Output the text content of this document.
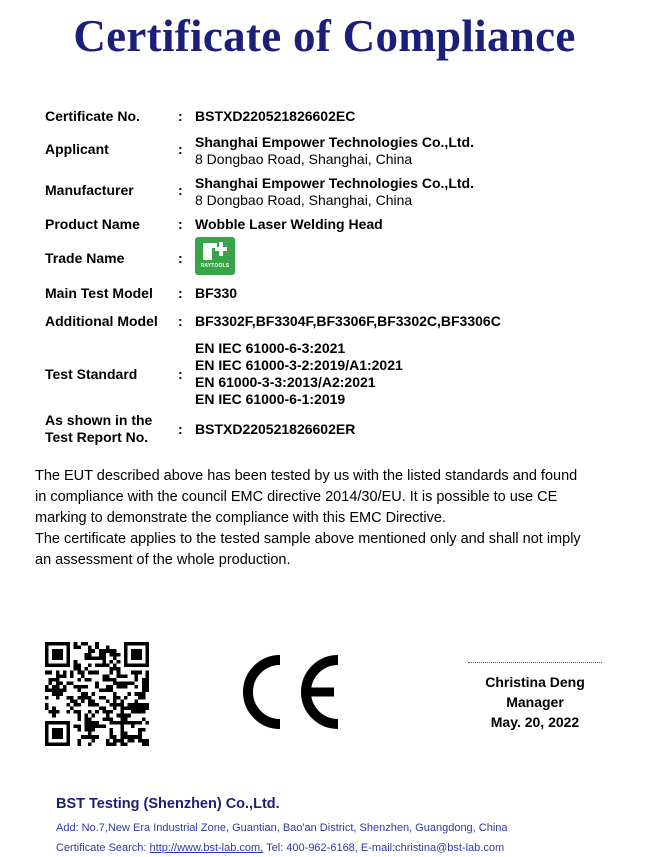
Certificate of Compliance
Certificate No.	: BSTXD220521826602EC
Applicant	: Shanghai Empower Technologies Co.,Ltd.
8 Dongbao Road, Shanghai, China
Manufacturer	: Shanghai Empower Technologies Co.,Ltd.
8 Dongbao Road, Shanghai, China
Product Name	: Wobble Laser Welding Head
Trade Name	:	RAYTOOLS
Main Test Model : BF330
Additional Model : BF3302F,BF3304F,BF3306F,BF3302C,BF3306C
Test Standard	:
EN IEC 61000-6-3:2021
EN IEC 61000-3-2:2019/A1:2021
EN 61000-3-3:2013/A2:2021
EN IEC 61000-6-1:2019
As shown in the
Test Report No. : BSTXD220521826602ER
The EUT described above has been tested by us with the listed standards and found
in compliance with the council EMC directive 2014/30/EU. It is possible to use CE
marking to demonstrate the compliance with this EMC Directive.
The certificate applies to the tested sample above mentioned only and shall not imply
an assessment of the whole production.
Christina Deng
Manager
May. 20, 2022
BST Testing (Shenzhen) Co.,Ltd.
Add: No.7,New Era Industrial Zone, Guantian, Bao'an District, Shenzhen, Guangdong, China
Certificate Search: http://www.bst-lab.com, Tel: 400-962-6168, E-mail:christina@bst-lab.com
